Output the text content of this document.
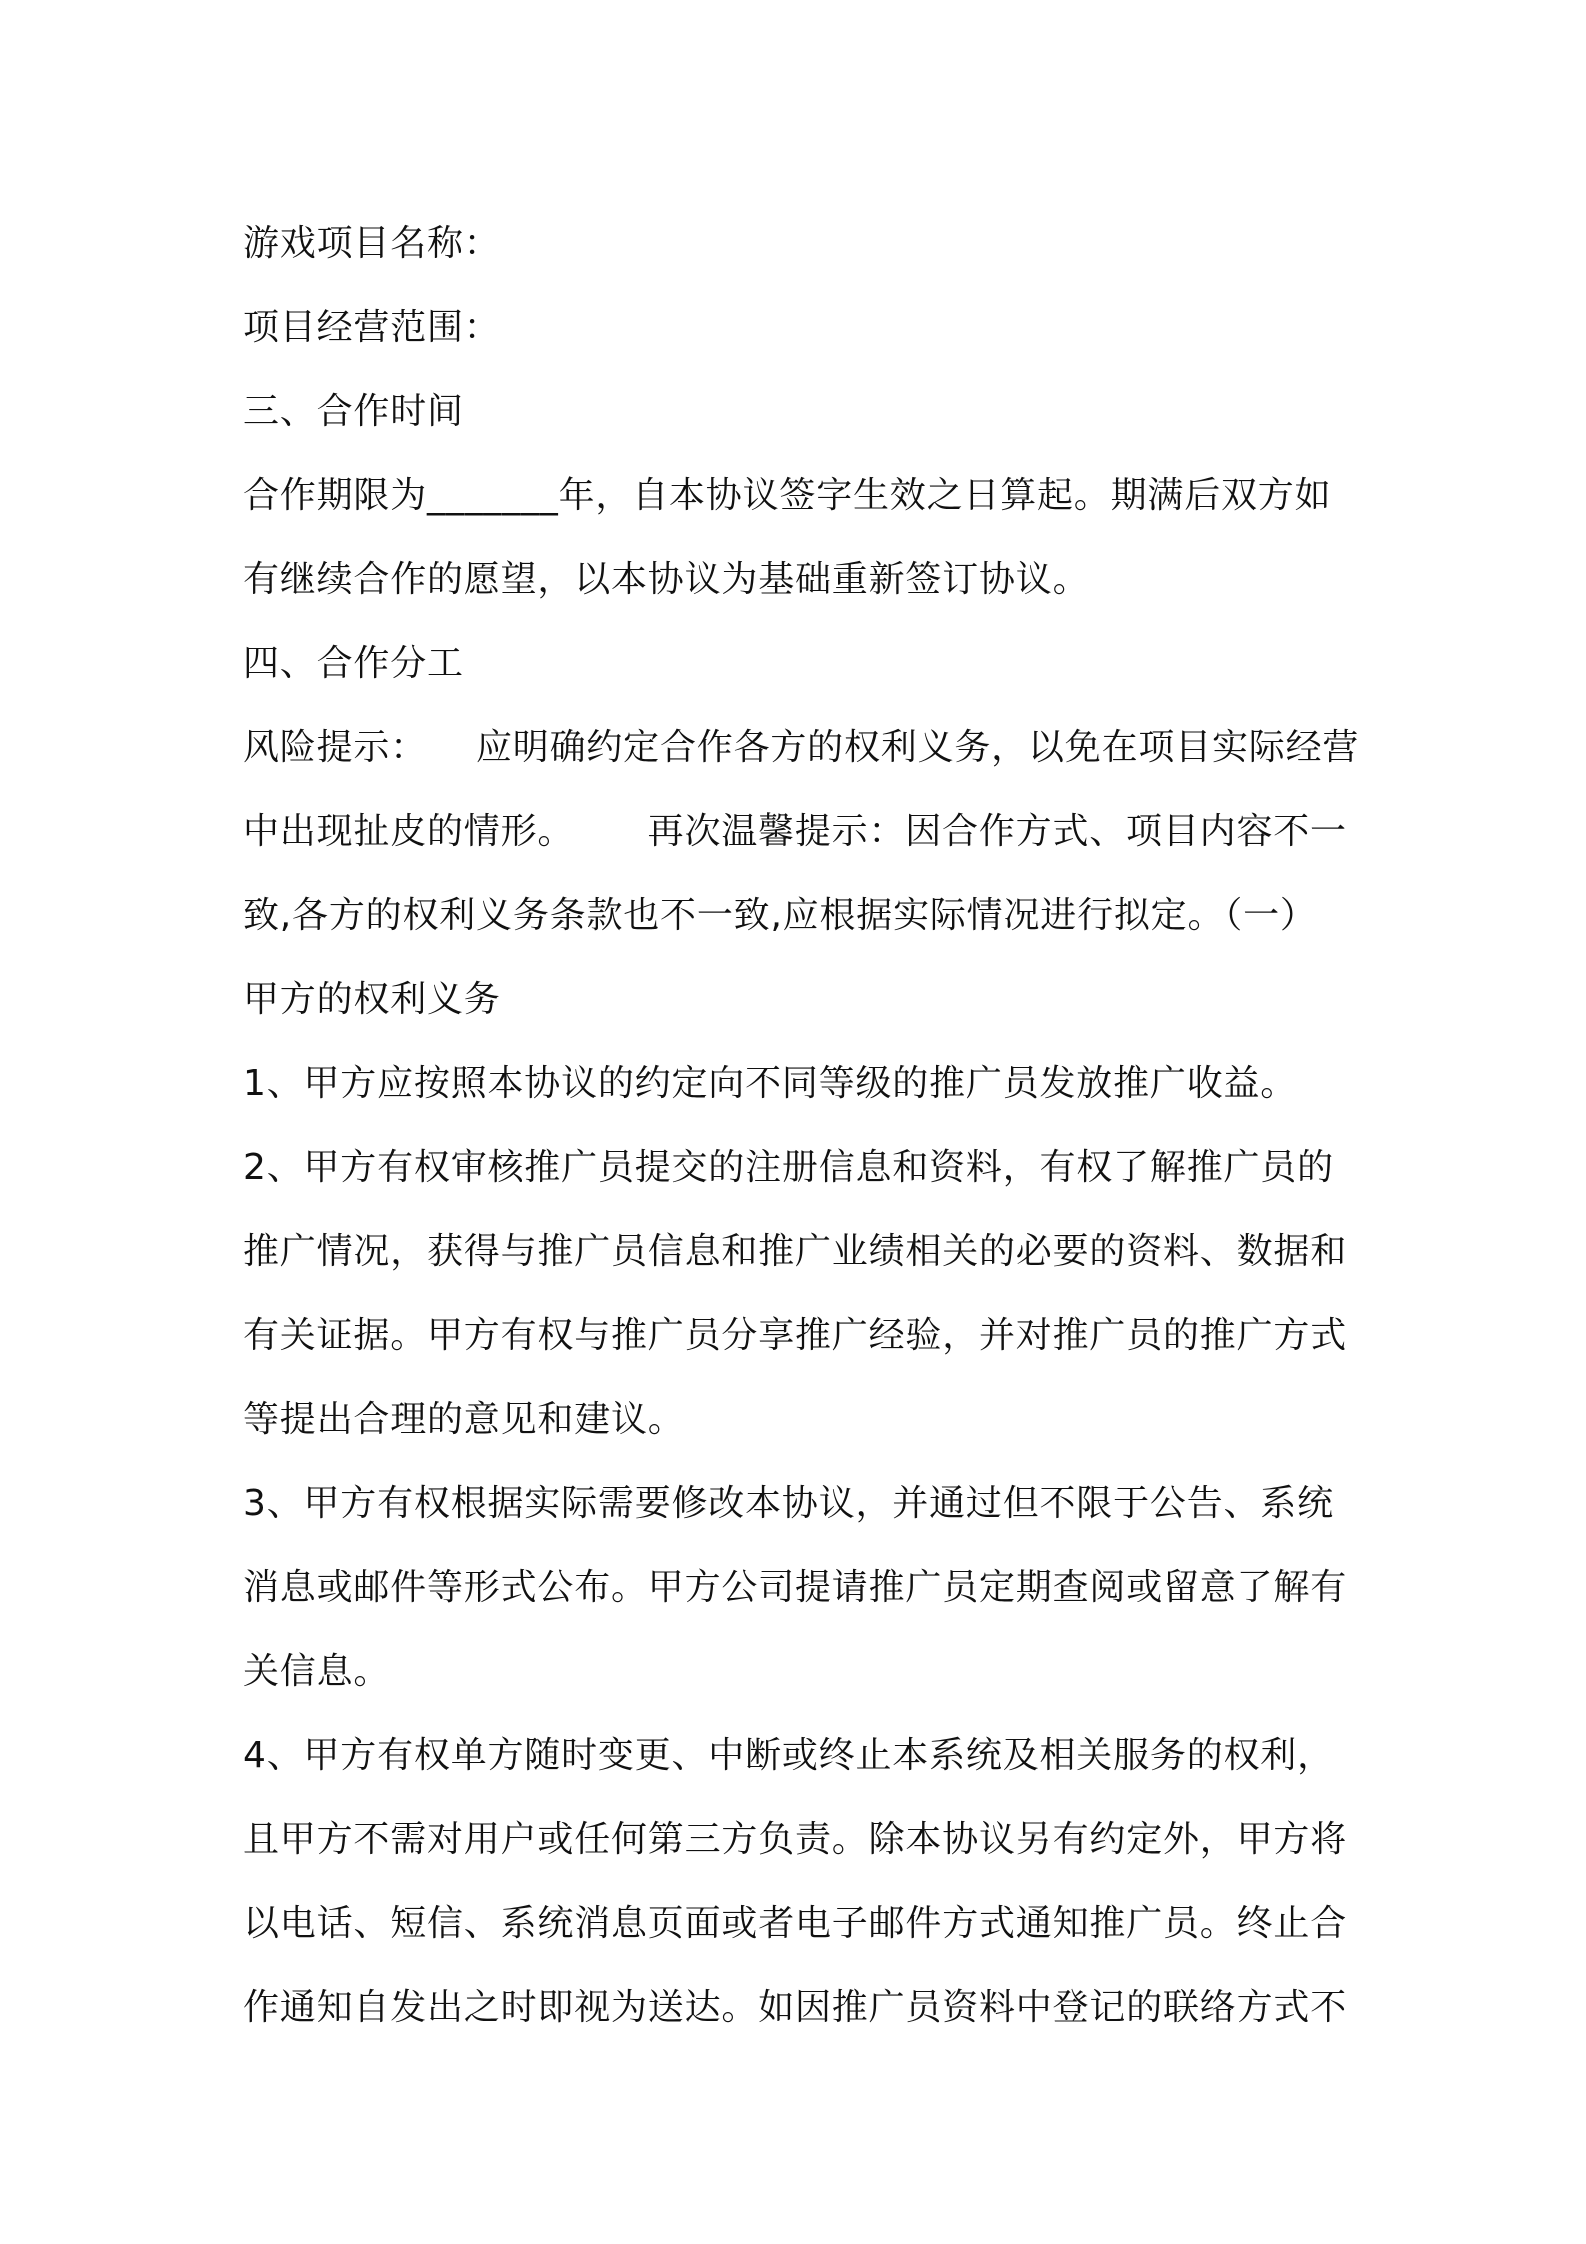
游戏项目名称：
项目经营范围：
三、合作时间
合作期限为_______年，自本协议签字生效之日算起。期满后双方如
有继续合作的愿望，以本协议为基础重新签订协议。
四、合作分工
风险提示：    应明确约定合作各方的权利义务，以免在项目实际经营
中出现扯皮的情形。      再次温馨提示：因合作方式、项目内容不一
致,各方的权利义务条款也不一致,应根据实际情况进行拟定。（一）
甲方的权利义务
1、甲方应按照本协议的约定向不同等级的推广员发放推广收益。
2、甲方有权审核推广员提交的注册信息和资料，有权了解推广员的
推广情况，获得与推广员信息和推广业绩相关的必要的资料、数据和
有关证据。甲方有权与推广员分享推广经验，并对推广员的推广方式
等提出合理的意见和建议。
3、甲方有权根据实际需要修改本协议，并通过但不限于公告、系统
消息或邮件等形式公布。甲方公司提请推广员定期查阅或留意了解有
关信息。
4、甲方有权单方随时变更、中断或终止本系统及相关服务的权利，
且甲方不需对用户或任何第三方负责。除本协议另有约定外，甲方将
以电话、短信、系统消息页面或者电子邮件方式通知推广员。终止合
作通知自发出之时即视为送达。如因推广员资料中登记的联络方式不
